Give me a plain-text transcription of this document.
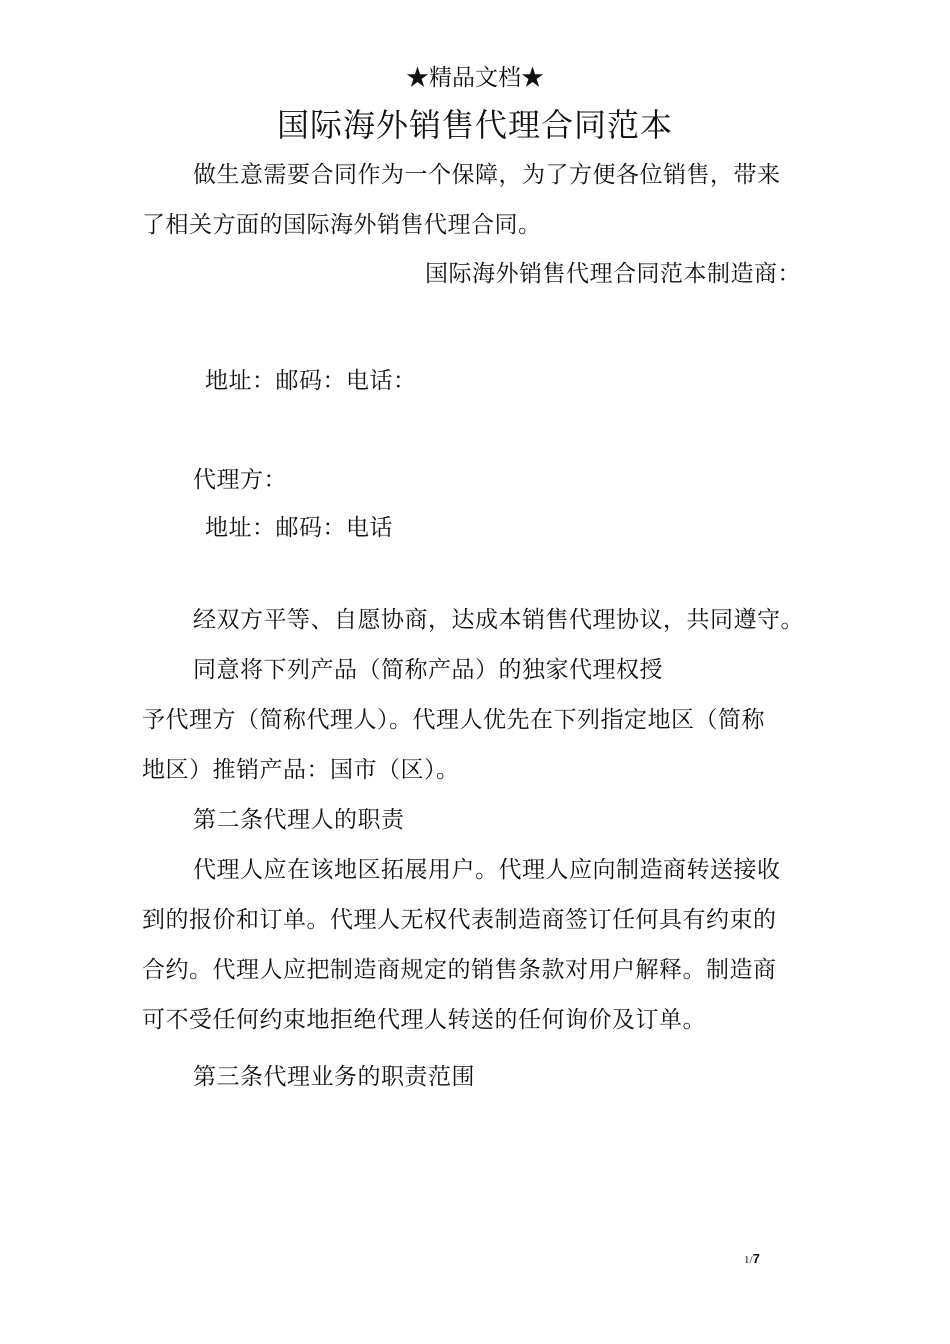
★精品文档★
国际海外销售代理合同范本
做生意需要合同作为一个保障，为了方便各位销售，带来
了相关方面的国际海外销售代理合同。
国际海外销售代理合同范本制造商：
地址：邮码：电话：
代理方：
地址：邮码：电话
经双方平等、自愿协商，达成本销售代理协议，共同遵守。
同意将下列产品（简称产品）的独家代理权授
予代理方（简称代理人）。代理人优先在下列指定地区（简称
地区）推销产品：国市（区）。
第二条代理人的职责
代理人应在该地区拓展用户。代理人应向制造商转送接收
到的报价和订单。代理人无权代表制造商签订任何具有约束的
合约。代理人应把制造商规定的销售条款对用户解释。制造商
可不受任何约束地拒绝代理人转送的任何询价及订单。
第三条代理业务的职责范围
1/7
